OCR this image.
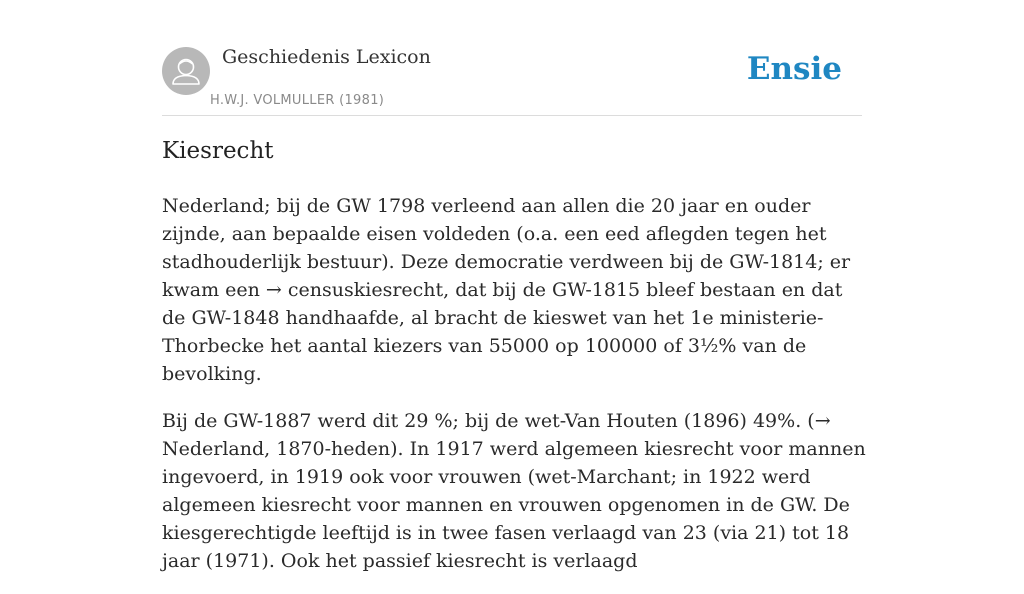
Geschiedenis Lexicon
H.W.J. VOLMULLER (1981)
Ensie
Kiesrecht

Nederland; bij de GW 1798 verleend aan allen die 20 jaar en ouder zijnde, aan bepaalde eisen voldeden (o.a. een eed aflegden tegen het stadhouderlijk bestuur). Deze democratie verdween bij de GW-1814; er kwam een → censuskiesrecht, dat bij de GW-1815 bleef bestaan en dat de GW-1848 handhaafde, al bracht de kieswet van het 1e ministerie-Thorbecke het aantal kiezers van 55000 op 100000 of 3½% van de bevolking.

Bij de GW-1887 werd dit 29 %; bij de wet-Van Houten (1896) 49%. (→ Nederland, 1870-heden). In 1917 werd algemeen kiesrecht voor mannen ingevoerd, in 1919 ook voor vrouwen (wet-Marchant; in 1922 werd algemeen kiesrecht voor mannen en vrouwen opgenomen in de GW. De kiesgerechtigde leeftijd is in twee fasen verlaagd van 23 (via 21) tot 18 jaar (1971). Ook het passief kiesrecht is verlaagd
